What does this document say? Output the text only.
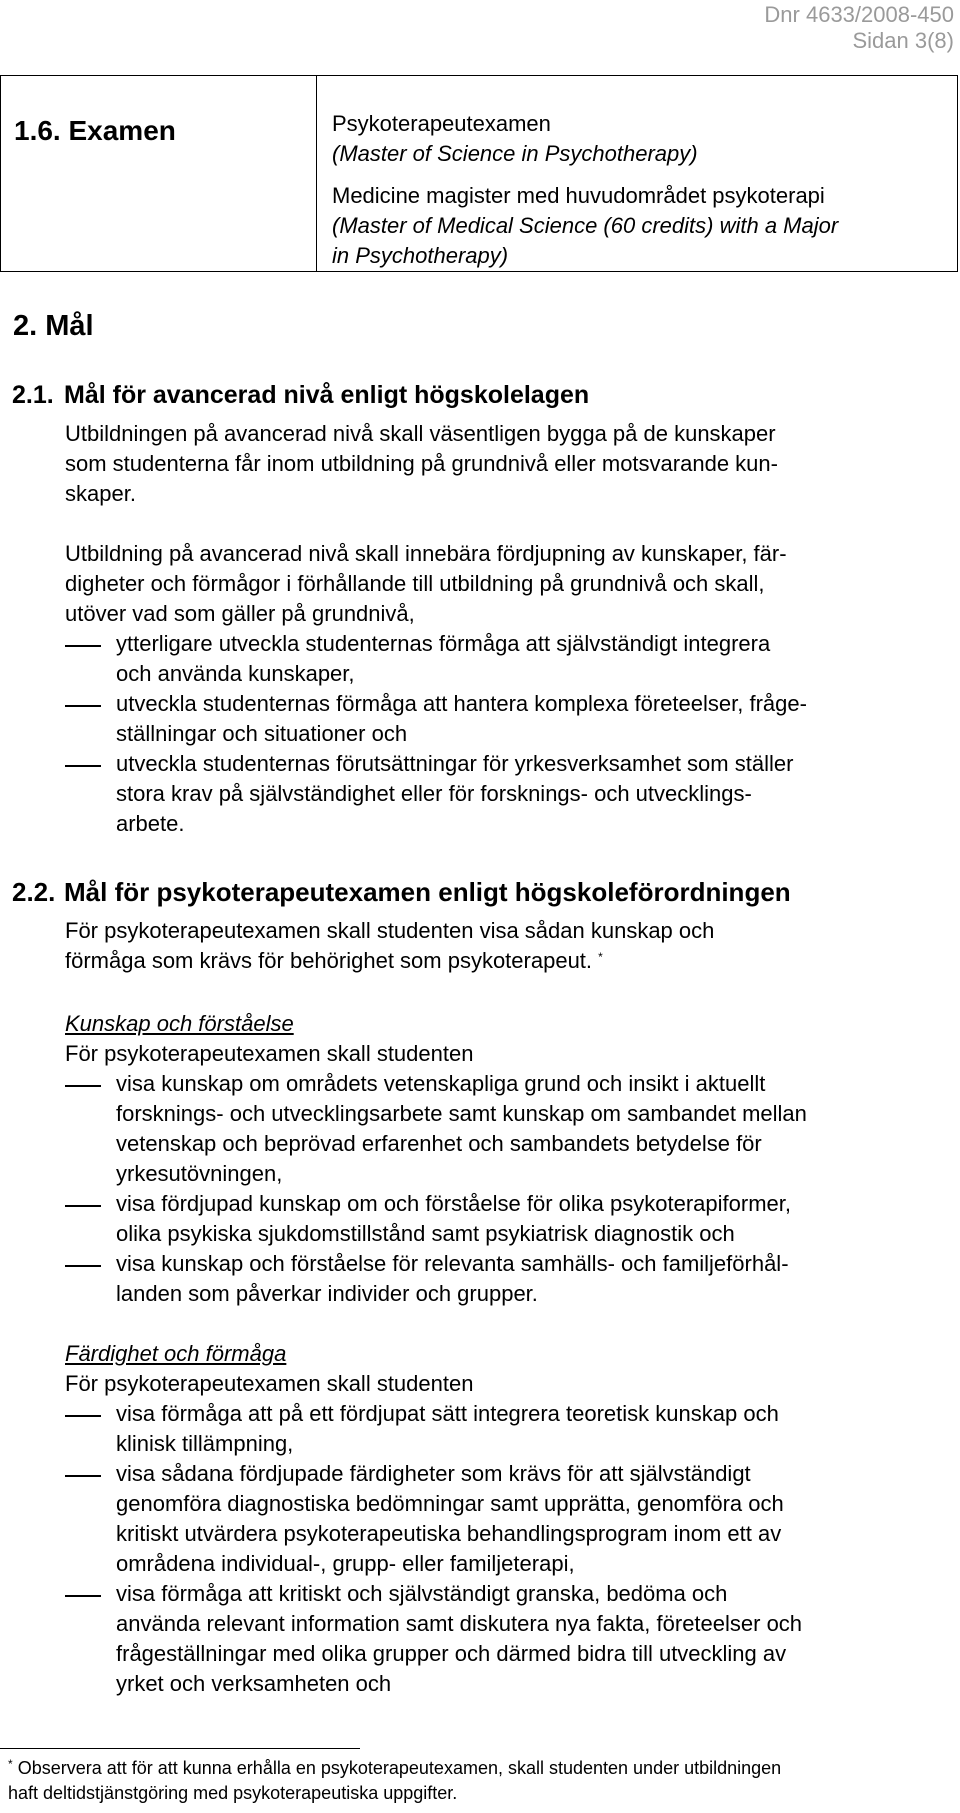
Dnr 4633/2008-450
Sidan 3(8)
1.6. Examen	Psykoterapeutexamen
(Master of Science in Psychotherapy)
Medicine magister med huvudområdet psykoterapi
(Master of Medical Science (60 credits) with a Major
in Psychotherapy)
2. Mål
2.1. Mål för avancerad nivå enligt högskolelagen
Utbildningen på avancerad nivå skall väsentligen bygga på de kunskaper
som studenterna får inom utbildning på grundnivå eller motsvarande kun-
skaper.
Utbildning på avancerad nivå skall innebära fördjupning av kunskaper, fär-
digheter och förmågor i förhållande till utbildning på grundnivå och skall,
utöver vad som gäller på grundnivå,
ytterligare utveckla studenternas förmåga att självständigt integrera
och använda kunskaper,
utveckla studenternas förmåga att hantera komplexa företeelser, fråge-
ställningar och situationer och
utveckla studenternas förutsättningar för yrkesverksamhet som ställer
stora krav på självständighet eller för forsknings- och utvecklings-
arbete.
2.2. Mål för psykoterapeutexamen enligt högskoleförordningen
För psykoterapeutexamen skall studenten visa sådan kunskap och
förmåga som krävs för behörighet som psykoterapeut. *
Kunskap och förståelse
För psykoterapeutexamen skall studenten
visa kunskap om områdets vetenskapliga grund och insikt i aktuellt
forsknings- och utvecklingsarbete samt kunskap om sambandet mellan
vetenskap och beprövad erfarenhet och sambandets betydelse för
yrkesutövningen,
visa fördjupad kunskap om och förståelse för olika psykoterapiformer,
olika psykiska sjukdomstillstånd samt psykiatrisk diagnostik och
visa kunskap och förståelse för relevanta samhälls- och familjeförhål-
landen som påverkar individer och grupper.
Färdighet och förmåga
För psykoterapeutexamen skall studenten
visa förmåga att på ett fördjupat sätt integrera teoretisk kunskap och
klinisk tillämpning,
visa sådana fördjupade färdigheter som krävs för att självständigt
genomföra diagnostiska bedömningar samt upprätta, genomföra och
kritiskt utvärdera psykoterapeutiska behandlingsprogram inom ett av
områdena individual-, grupp- eller familjeterapi,
visa förmåga att kritiskt och självständigt granska, bedöma och
använda relevant information samt diskutera nya fakta, företeelser och
frågeställningar med olika grupper och därmed bidra till utveckling av
yrket och verksamheten och
* Observera att för att kunna erhålla en psykoterapeutexamen, skall studenten under utbildningen
haft deltidstjänstgöring med psykoterapeutiska uppgifter.
